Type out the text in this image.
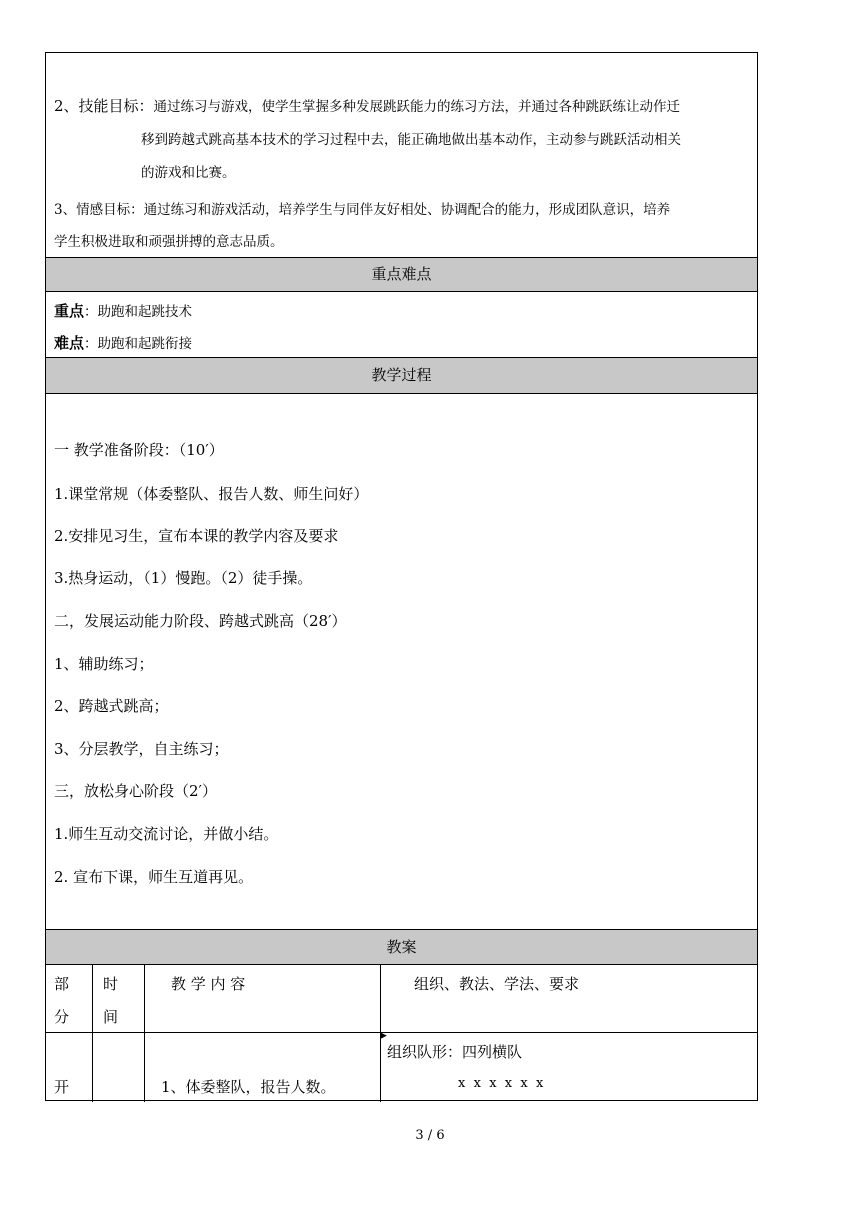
2、技能目标：通过练习与游戏，使学生掌握多种发展跳跃能力的练习方法，并通过各种跳跃练让动作迁
移到跨越式跳高基本技术的学习过程中去，能正确地做出基本动作，主动参与跳跃活动相关
的游戏和比赛。
3、情感目标：通过练习和游戏活动，培养学生与同伴友好相处、协调配合的能力，形成团队意识，培养
学生积极进取和顽强拼搏的意志品质。
重点难点
重点：助跑和起跳技术
难点：助跑和起跳衔接
教学过程
一 教学准备阶段：（10′）
1.课堂常规（体委整队、报告人数、师生问好）
2.安排见习生，宣布本课的教学内容及要求
3.热身运动，（1）慢跑。（2）徒手操。
二，发展运动能力阶段、跨越式跳高（28′）
1、辅助练习；
2、跨越式跳高；
3、分层教学，自主练习；
三，放松身心阶段（2′）
1.师生互动交流讨论，并做小结。
2. 宣布下课，师生互道再见。
教案
部
分
时
间
教 学 内 容	组织、教法、学法、要求
开	1、体委整队，报告人数。
▶
组织队形：四列横队
x  x  x  x  x  x
3 / 6
